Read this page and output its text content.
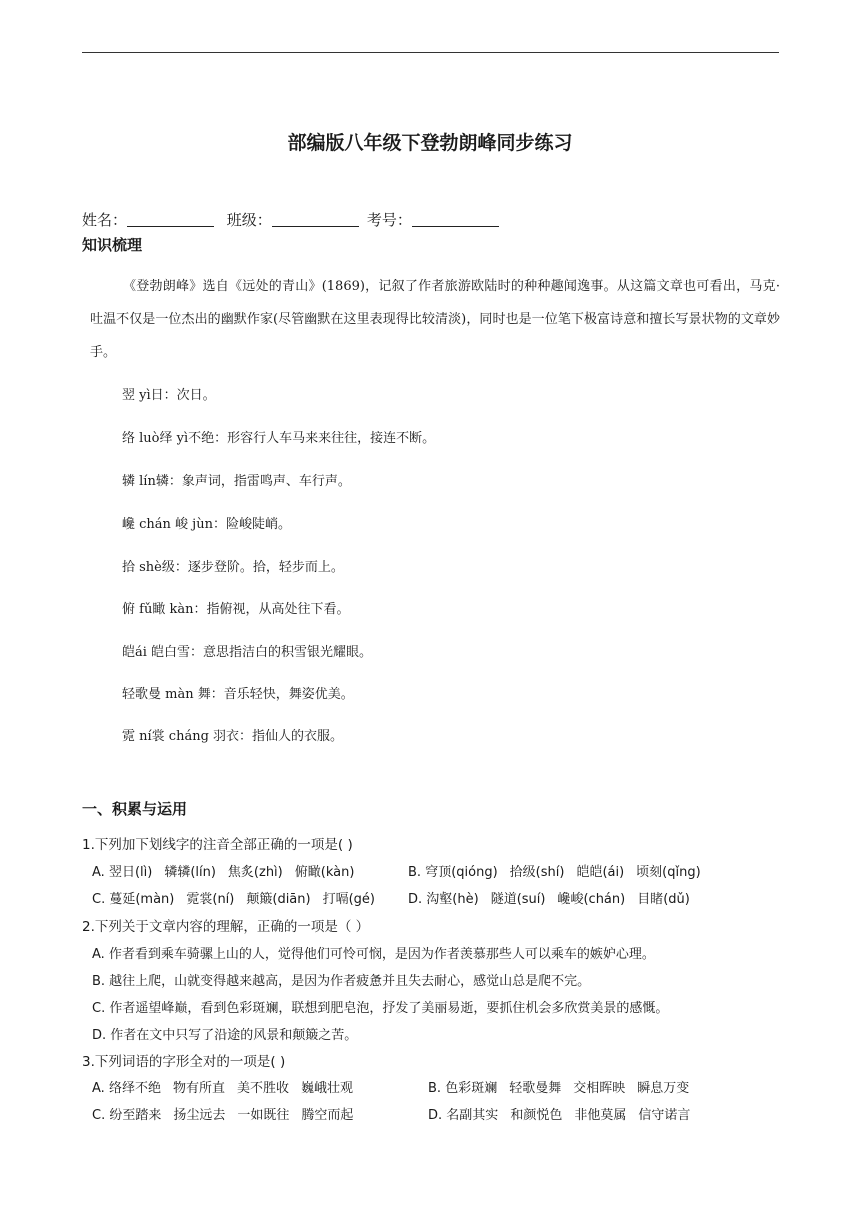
部编版八年级下登勃朗峰同步练习
姓名：	班级：	考号：
知识梳理
《登勃朗峰》选自《远处的青山》(1869)，记叙了作者旅游欧陆时的种种趣闻逸事。从这篇文章也可看出，马克·吐温不仅是一位杰出的幽默作家(尽管幽默在这里表现得比较清淡)，同时也是一位笔下极富诗意和擅长写景状物的文章妙手。
翌 yì日：次日。
络 luò绎 yì不绝：形容行人车马来来往往，接连不断。
辚 lín辚：象声词，指雷鸣声、车行声。
巉 chán 峻 jùn：险峻陡峭。
拾 shè级：逐步登阶。拾，轻步而上。
俯 fǔ瞰 kàn：指俯视，从高处往下看。
皑ái 皑白雪：意思指洁白的积雪银光耀眼。
轻歌曼 màn 舞：音乐轻快，舞姿优美。
霓 ní裳 cháng 羽衣：指仙人的衣服。
一、积累与运用
1.下列加下划线字的注音全部正确的一项是( )
A. 翌日(lì) 辚辚(lín) 焦炙(zhì) 俯瞰(kàn)	B. 穹顶(qióng) 拾级(shí) 皑皑(ái) 顷刻(qǐng)
C. 蔓延(màn) 霓裳(ní) 颠簸(diān) 打嗝(gé)	D. 沟壑(hè) 隧道(suí) 巉峻(chán) 目睹(dǔ)
2.下列关于文章内容的理解，正确的一项是（ ）
A. 作者看到乘车骑骡上山的人，觉得他们可怜可悯，是因为作者羡慕那些人可以乘车的嫉妒心理。
B. 越往上爬，山就变得越来越高，是因为作者疲惫并且失去耐心，感觉山总是爬不完。
C. 作者遥望峰巅，看到色彩斑斓，联想到肥皂泡，抒发了美丽易逝，要抓住机会多欣赏美景的感慨。
D. 作者在文中只写了沿途的风景和颠簸之苦。
3.下列词语的字形全对的一项是( )
A. 络绎不绝 物有所直 美不胜收 巍峨壮观	B. 色彩斑斓 轻歌曼舞 交相晖映 瞬息万变
C. 纷至踏来 扬尘远去 一如既往 腾空而起	D. 名副其实 和颜悦色 非他莫属 信守诺言
